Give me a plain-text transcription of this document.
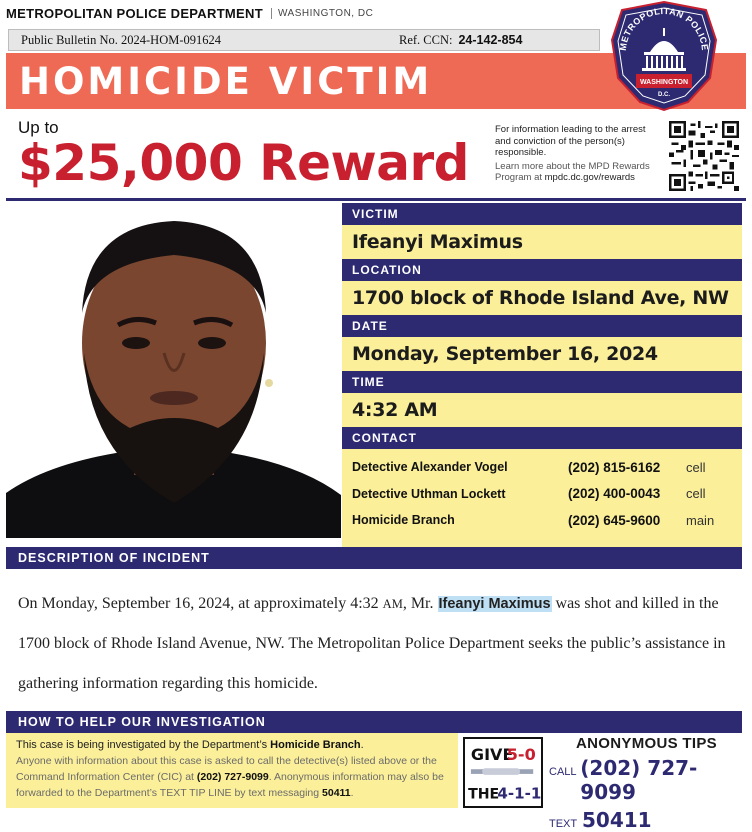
METROPOLITAN POLICE DEPARTMENT	WASHINGTON, DC
Public Bulletin No. 2024-HOM-091624	Ref. CCN: 24-142-854
HOMICIDE VICTIM
METROPOLITAN POLICE
WASHINGTON
D.C.
Up to
$25,000 Reward
For information leading to the arrest and conviction of the person(s) responsible.
Learn more about the MPD Rewards Program at mpdc.dc.gov/rewards
VICTIM
Ifeanyi Maximus
LOCATION
1700 block of Rhode Island Ave, NW
DATE
Monday, September 16, 2024
TIME
4:32 AM
CONTACT
Detective Alexander Vogel	(202) 815-6162	cell
Detective Uthman Lockett	(202) 400-0043	cell
Homicide Branch	(202) 645-9600	main
DESCRIPTION OF INCIDENT
On Monday, September 16, 2024, at approximately 4:32 AM, Mr. Ifeanyi Maximus was shot and killed in the 1700 block of Rhode Island Avenue, NW. The Metropolitan Police Department seeks the public’s assistance in gathering information regarding this homicide.
HOW TO HELP OUR INVESTIGATION
This case is being investigated by the Department’s Homicide Branch.
Anyone with information about this case is asked to call the detective(s) listed above or the Command Information Center (CIC) at (202) 727-9099. Anonymous information may also be forwarded to the Department’s TEXT TIP LINE by text messaging 50411.
GIVE
5-0
THE
4-1-1
ANONYMOUS TIPS
CALL (202) 727-9099
TEXT 50411
